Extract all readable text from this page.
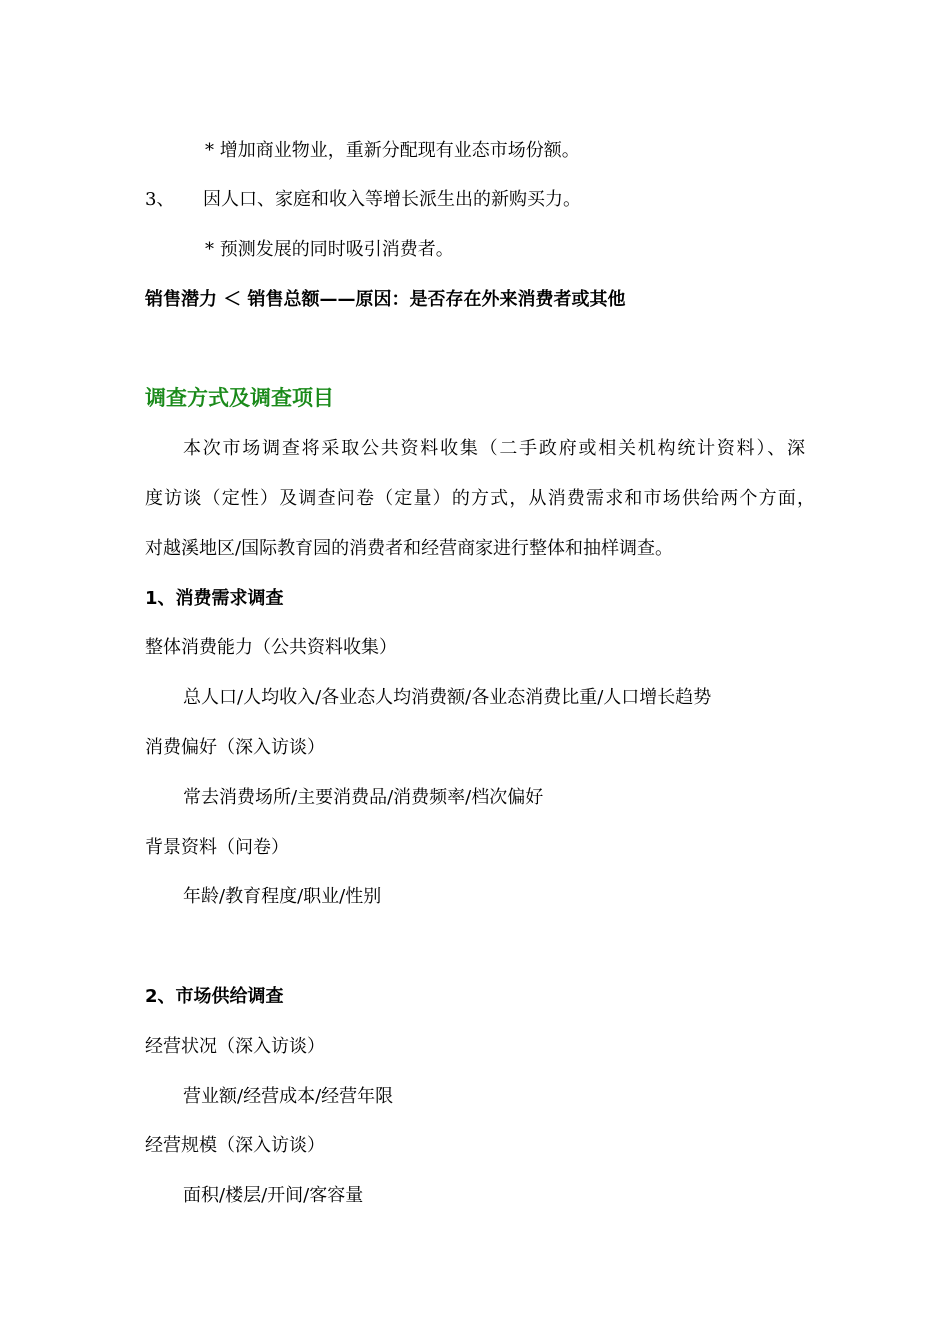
* 增加商业物业，重新分配现有业态市场份额。
3、 因人口、家庭和收入等增长派生出的新购买力。
* 预测发展的同时吸引消费者。
销售潜力 ＜ 销售总额——原因：是否存在外来消费者或其他
调查方式及调查项目
本次市场调查将采取公共资料收集（二手政府或相关机构统计资料）、深
度访谈（定性）及调查问卷（定量）的方式，从消费需求和市场供给两个方面，
对越溪地区/国际教育园的消费者和经营商家进行整体和抽样调查。
1、消费需求调查
整体消费能力（公共资料收集）
总人口/人均收入/各业态人均消费额/各业态消费比重/人口增长趋势
消费偏好（深入访谈）
常去消费场所/主要消费品/消费频率/档次偏好
背景资料（问卷）
年龄/教育程度/职业/性别
2、市场供给调查
经营状况（深入访谈）
营业额/经营成本/经营年限
经营规模（深入访谈）
面积/楼层/开间/客容量
